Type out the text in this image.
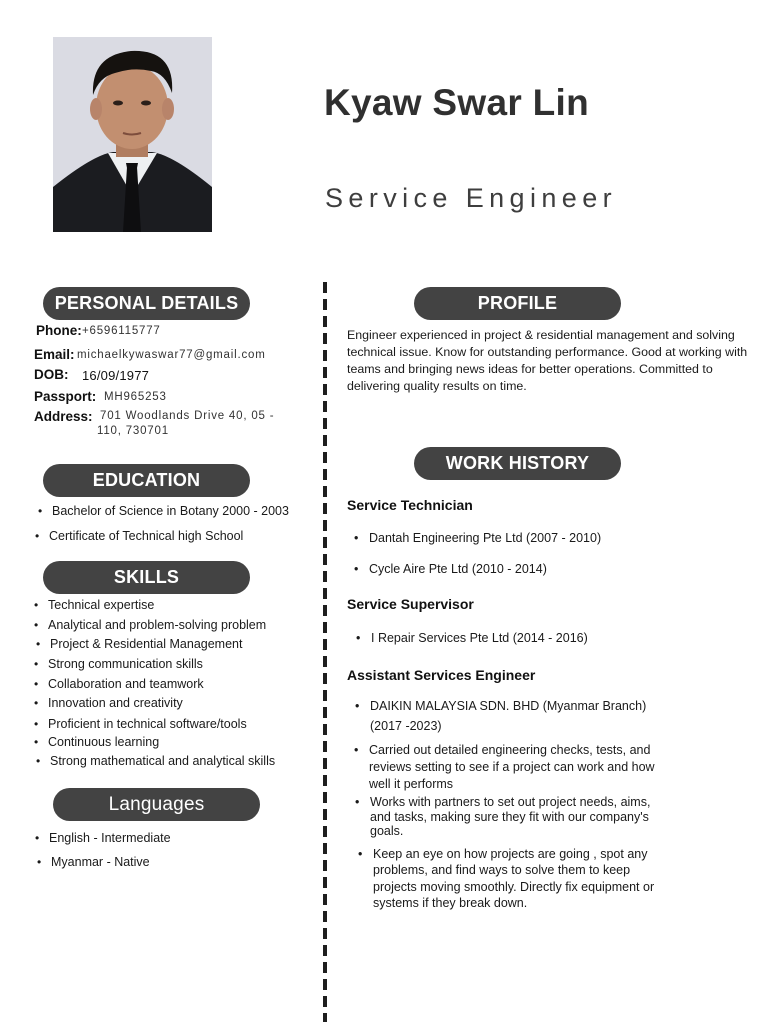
Kyaw Swar Lin
Service Engineer
PERSONAL DETAILS
Phone: +6596115777
Email: michaelkywaswar77@gmail.com
DOB: 16/09/1977
Passport: MH965253
Address: 701 Woodlands Drive 40, 05 -
110, 730701
EDUCATION
• Bachelor of Science in Botany 2000 - 2003
• Certificate of Technical high School
SKILLS
• Technical expertise
• Analytical and problem-solving problem
• Project & Residential Management
• Strong communication skills
• Collaboration and teamwork
• Innovation and creativity
• Proficient in technical software/tools
• Continuous learning
• Strong mathematical and analytical skills
Languages
• English - Intermediate
• Myanmar - Native
PROFILE
Engineer experienced in project & residential management and solving technical issue. Know for outstanding performance. Good at working with teams and bringing news ideas for better operations. Committed to delivering quality results on time.
WORK HISTORY
Service Technician
• Dantah Engineering Pte Ltd (2007 - 2010)
• Cycle Aire Pte Ltd (2010 - 2014)
Service Supervisor
• I Repair Services Pte Ltd (2014 - 2016)
Assistant Services Engineer
• DAIKIN MALAYSIA SDN. BHD (Myanmar Branch) (2017 -2023)
• Carried out detailed engineering checks, tests, and reviews setting to see if a project can work and how well it performs
• Works with partners to set out project needs, aims, and tasks, making sure they fit with our company's goals.
• Keep an eye on how projects are going , spot any problems, and find ways to solve them to keep projects moving smoothly. Directly fix equipment or systems if they break down.
